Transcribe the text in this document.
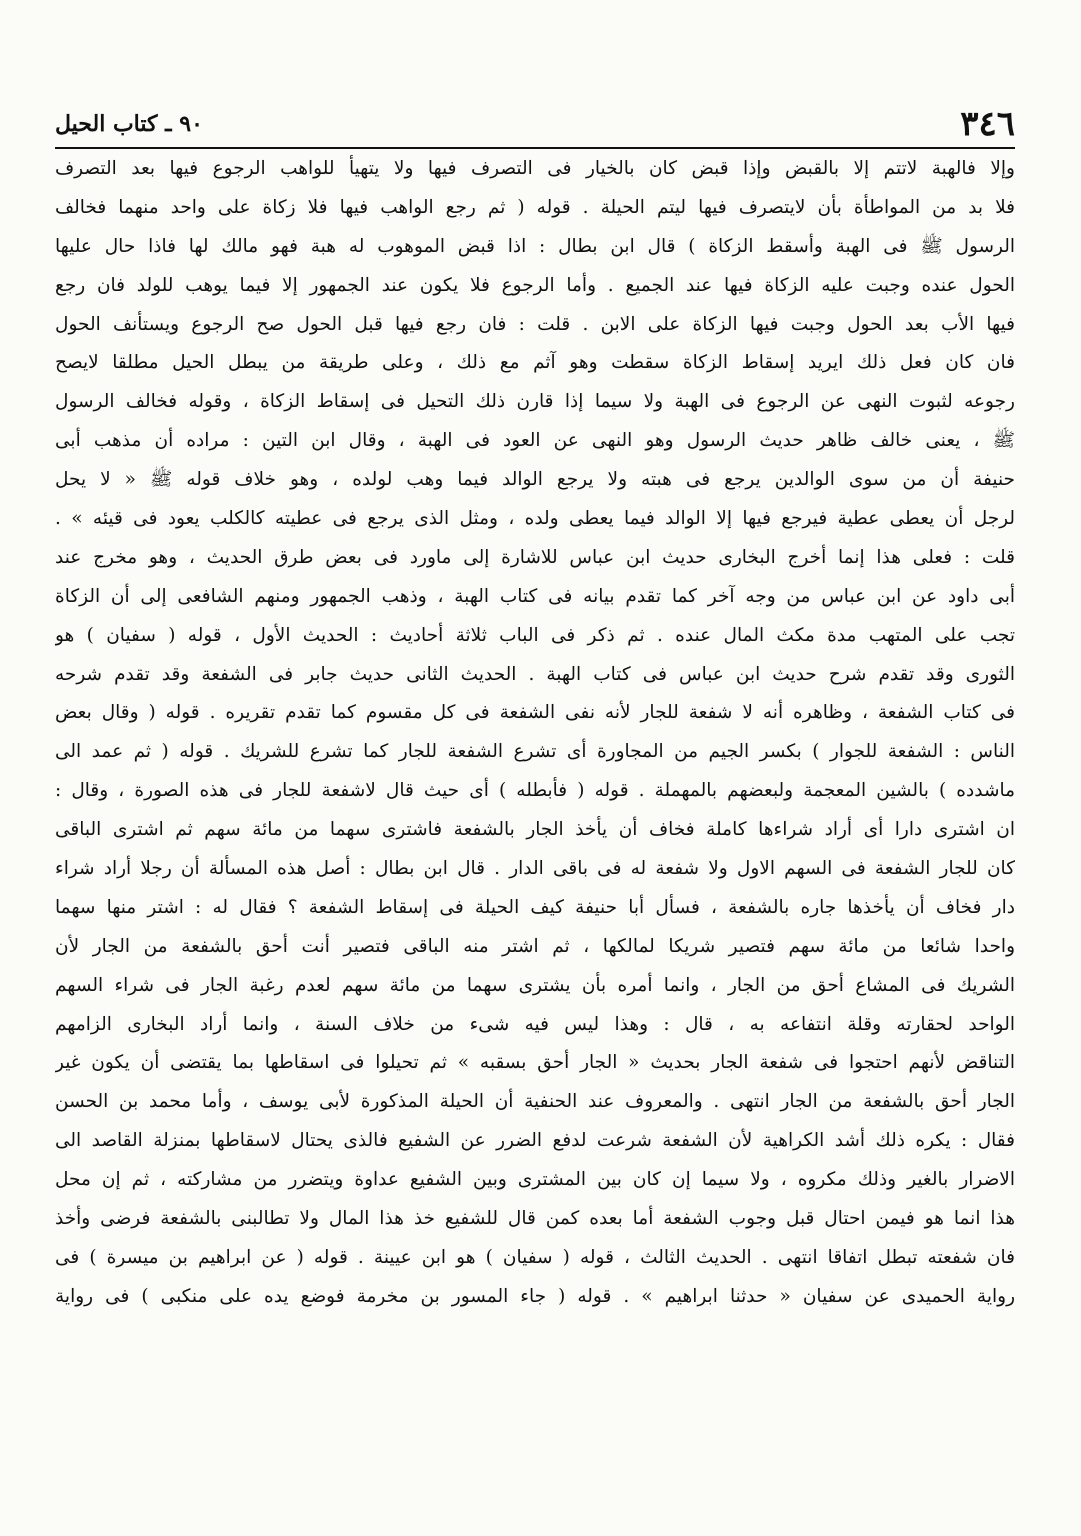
٣٤٦
٩٠ ـ كتاب الحيل
وإلا فالهبة لاتتم إلا بالقبض وإذا قبض كان بالخيار فى التصرف فيها ولا يتهيأ للواهب الرجوع فيها بعد التصرف
فلا بد من المواطأة بأن لايتصرف فيها ليتم الحيلة . قوله ( ثم رجع الواهب فيها فلا زكاة على واحد منهما فخالف
الرسول ﷺ فى الهبة وأسقط الزكاة ) قال ابن بطال : اذا قبض الموهوب له هبة فهو مالك لها فاذا حال عليها
الحول عنده وجبت عليه الزكاة فيها عند الجميع . وأما الرجوع فلا يكون عند الجمهور إلا فيما يوهب للولد فان رجع
فيها الأب بعد الحول وجبت فيها الزكاة على الابن . قلت : فان رجع فيها قبل الحول صح الرجوع ويستأنف الحول
فان كان فعل ذلك ايريد إسقاط الزكاة سقطت وهو آثم مع ذلك ، وعلى طريقة من يبطل الحيل مطلقا لايصح
رجوعه لثبوت النهى عن الرجوع فى الهبة ولا سيما إذا قارن ذلك التحيل فى إسقاط الزكاة ، وقوله فخالف الرسول
ﷺ ، يعنى خالف ظاهر حديث الرسول وهو النهى عن العود فى الهبة ، وقال ابن التين : مراده أن مذهب أبى
حنيفة أن من سوى الوالدين يرجع فى هبته ولا يرجع الوالد فيما وهب لولده ، وهو خلاف قوله ﷺ « لا يحل
لرجل أن يعطى عطية فيرجع فيها إلا الوالد فيما يعطى ولده ، ومثل الذى يرجع فى عطيته كالكلب يعود فى قيئه » .
قلت : فعلى هذا إنما أخرج البخارى حديث ابن عباس للاشارة إلى ماورد فى بعض طرق الحديث ، وهو مخرج عند
أبى داود عن ابن عباس من وجه آخر كما تقدم بيانه فى كتاب الهبة ، وذهب الجمهور ومنهم الشافعى إلى أن الزكاة
تجب على المتهب مدة مكث المال عنده . ثم ذكر فى الباب ثلاثة أحاديث : الحديث الأول ، قوله ( سفيان ) هو
الثورى وقد تقدم شرح حديث ابن عباس فى كتاب الهبة . الحديث الثانى حديث جابر فى الشفعة وقد تقدم شرحه
فى كتاب الشفعة ، وظاهره أنه لا شفعة للجار لأنه نفى الشفعة فى كل مقسوم كما تقدم تقريره . قوله ( وقال بعض
الناس : الشفعة للجوار ) بكسر الجيم من المجاورة أى تشرع الشفعة للجار كما تشرع للشريك . قوله ( ثم عمد الى
ماشدده ) بالشين المعجمة ولبعضهم بالمهملة . قوله ( فأبطله ) أى حيث قال لاشفعة للجار فى هذه الصورة ، وقال :
ان اشترى دارا أى أراد شراءها كاملة فخاف أن يأخذ الجار بالشفعة فاشترى سهما من مائة سهم ثم اشترى الباقى
كان للجار الشفعة فى السهم الاول ولا شفعة له فى باقى الدار . قال ابن بطال : أصل هذه المسألة أن رجلا أراد شراء
دار فخاف أن يأخذها جاره بالشفعة ، فسأل أبا حنيفة كيف الحيلة فى إسقاط الشفعة ؟ فقال له : اشتر منها سهما
واحدا شائعا من مائة سهم فتصير شريكا لمالكها ، ثم اشتر منه الباقى فتصير أنت أحق بالشفعة من الجار لأن
الشريك فى المشاع أحق من الجار ، وانما أمره بأن يشترى سهما من مائة سهم لعدم رغبة الجار فى شراء السهم
الواحد لحقارته وقلة انتفاعه به ، قال : وهذا ليس فيه شىء من خلاف السنة ، وانما أراد البخارى الزامهم
التناقض لأنهم احتجوا فى شفعة الجار بحديث « الجار أحق بسقبه » ثم تحيلوا فى اسقاطها بما يقتضى أن يكون غير
الجار أحق بالشفعة من الجار انتهى . والمعروف عند الحنفية أن الحيلة المذكورة لأبى يوسف ، وأما محمد بن الحسن
فقال : يكره ذلك أشد الكراهية لأن الشفعة شرعت لدفع الضرر عن الشفيع فالذى يحتال لاسقاطها بمنزلة القاصد الى
الاضرار بالغير وذلك مكروه ، ولا سيما إن كان بين المشترى وبين الشفيع عداوة ويتضرر من مشاركته ، ثم إن محل
هذا انما هو فيمن احتال قبل وجوب الشفعة أما بعده كمن قال للشفيع خذ هذا المال ولا تطالبنى بالشفعة فرضى وأخذ
فان شفعته تبطل اتفاقا انتهى . الحديث الثالث ، قوله ( سفيان ) هو ابن عيينة . قوله ( عن ابراهيم بن ميسرة ) فى
رواية الحميدى عن سفيان « حدثنا ابراهيم » . قوله ( جاء المسور بن مخرمة فوضع يده على منكبى ) فى رواية
